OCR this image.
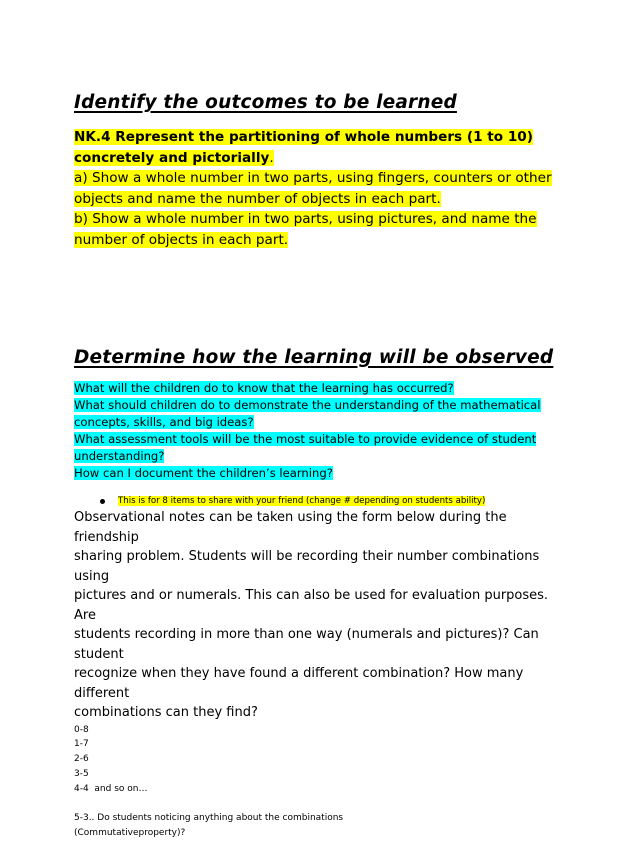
Identify the outcomes to be learned

NK.4 Represent the partitioning of whole numbers (1 to 10)

concretely and pictorially.

a) Show a whole number in two parts, using fingers, counters or other

objects and name the number of objects in each part.

b) Show a whole number in two parts, using pictures, and name the

number of objects in each part.

Determine how the learning will be observed

What will the children do to know that the learning has occurred?

What should children do to demonstrate the understanding of the mathematical

concepts, skills, and big ideas?

What assessment tools will be the most suitable to provide evidence of student

understanding?

How can I document the children’s learning?

This is for 8 items to share with your friend (change # depending on students ability)

Observational notes can be taken using the form below during the friendship

sharing problem. Students will be recording their number combinations using

pictures and or numerals. This can also be used for evaluation purposes. Are

students recording in more than one way (numerals and pictures)? Can student

recognize when they have found a different combination? How many different

combinations can they find?

0-8

1-7

2-6

3-5

4-4  and so on…

5-3.. Do students noticing anything about the combinations

(Commutativeproperty)?
